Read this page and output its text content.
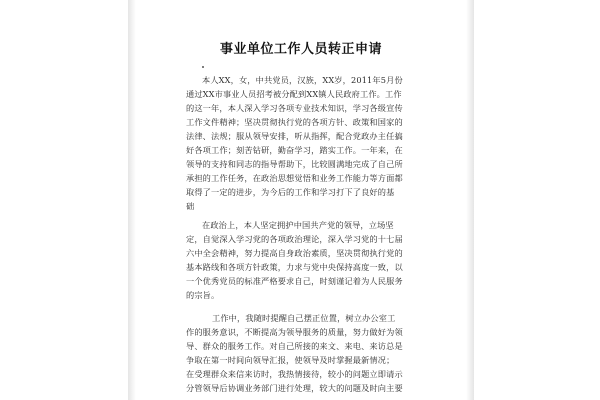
事业单位工作人员转正申请
本人XX，女，中共党员，汉族，XX岁，2011年5月份
通过XX市事业人员招考被分配到XX镇人民政府工作。工作
的这一年，本人深入学习各项专业技术知识，学习各级宣传
工作文件精神；坚决贯彻执行党的各项方针、政策和国家的
法律、法规；服从领导安排，听从指挥，配合党政办主任搞
好各项工作；刻苦钻研，勤奋学习，踏实工作。一年来，在
领导的支持和同志的指导帮助下，比较圆满地完成了自己所
承担的工作任务，在政治思想觉悟和业务工作能力等方面都
取得了一定的进步，为今后的工作和学习打下了良好的基
础
在政治上，本人坚定拥护中国共产党的领导，立场坚
定，自觉深入学习党的各项政治理论，深入学习党的十七届
六中全会精神，努力提高自身政治素质，坚决贯彻执行党的
基本路线和各项方针政策，力求与党中央保持高度一致，以
一个优秀党员的标准严格要求自己，时刻谨记着为人民服务
的宗旨。
工作中，我随时提醒自己摆正位置，树立办公室工
作的服务意识，不断提高为领导服务的质量，努力做好为领
导、群众的服务工作。对自己所接的来文、来电、来访总是
争取在第一时间向领导汇报，使领导及时掌握最新情况；
在受理群众来信来访时，我热情接待，较小的问题立即请示
分管领导后协调业务部门进行处理，较大的问题及时向主要
